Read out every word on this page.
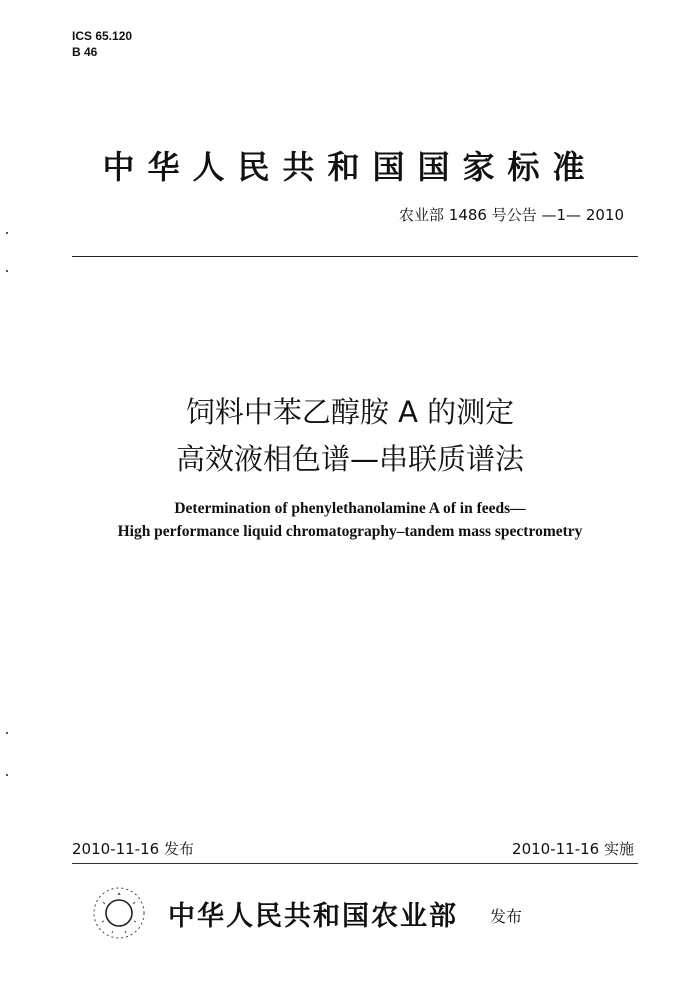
ICS 65.120
B 46
中华人民共和国国家标准
农业部 1486 号公告 —1— 2010
饲料中苯乙醇胺 A 的测定
高效液相色谱—串联质谱法
Determination of phenylethanolamine A of in feeds—
High performance liquid chromatography–tandem mass spectrometry
2010-11-16 发布	2010-11-16 实施
中华人民共和国农业部 发布
